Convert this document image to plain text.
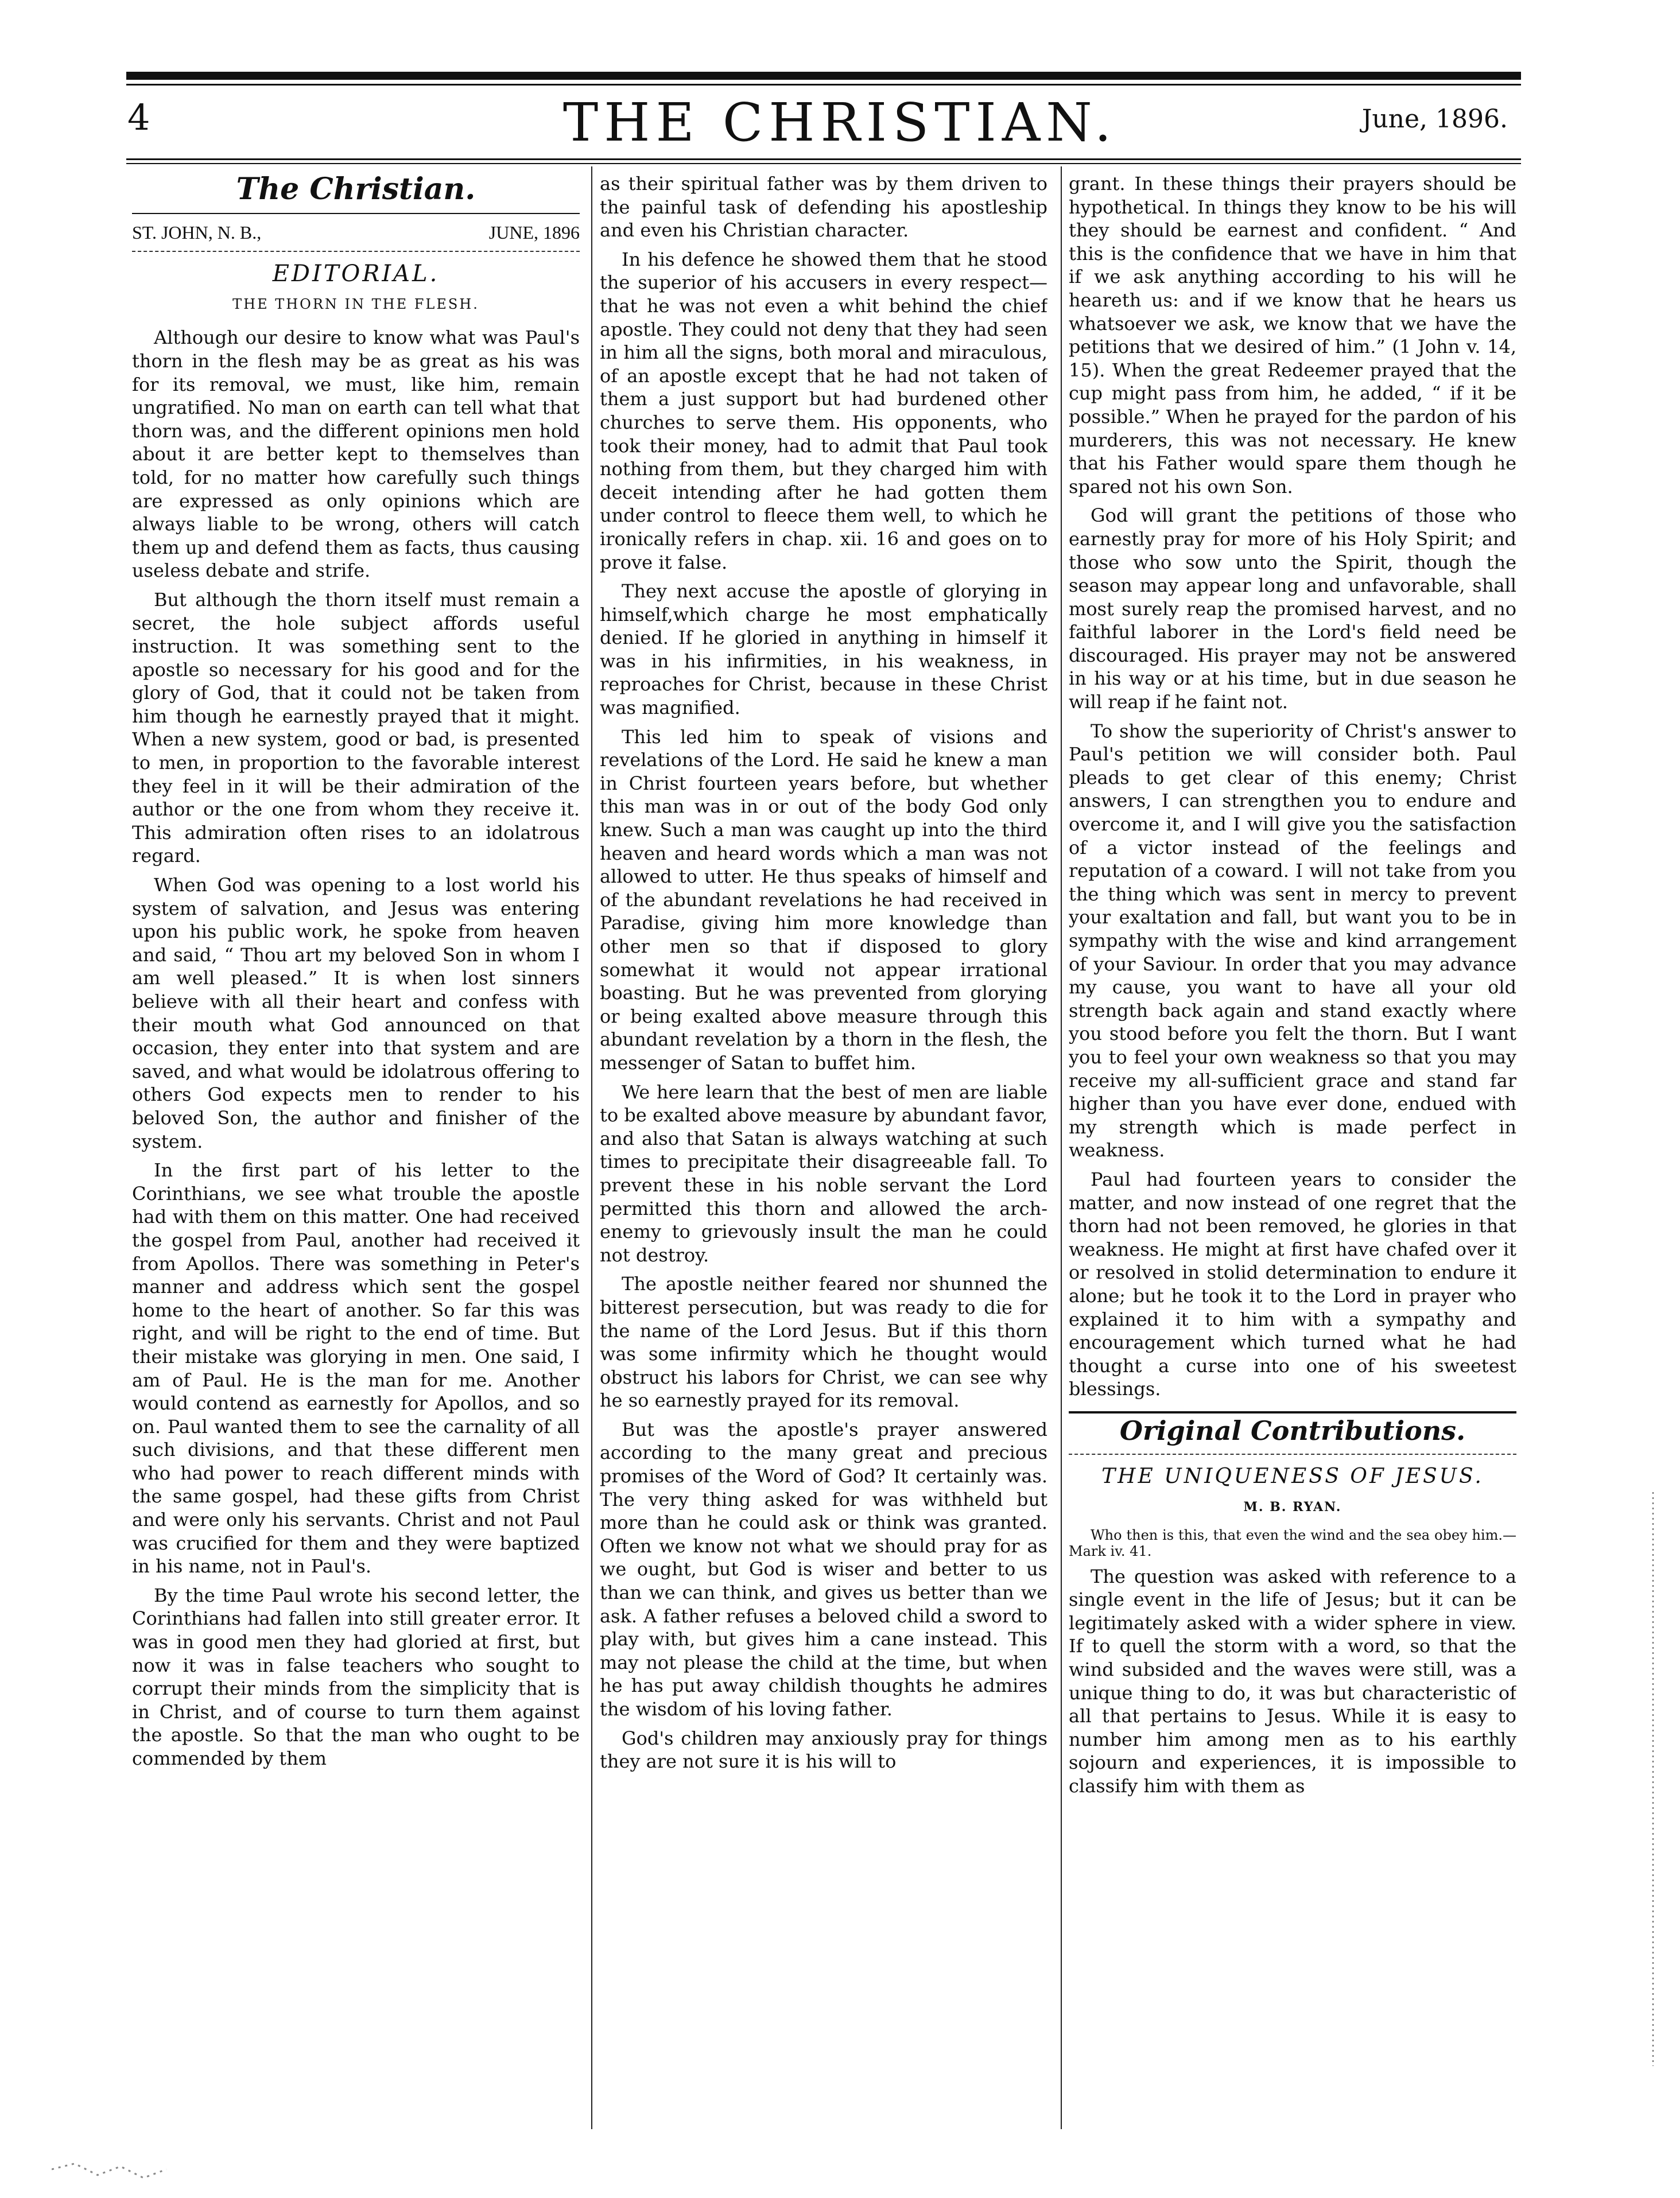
4	THE CHRISTIAN.	June, 1896.
The Christian.
ST. JOHN, N. B.,	JUNE, 1896
EDITORIAL.
THE THORN IN THE FLESH.

Although our desire to know what was Paul's thorn in the flesh may be as great as his was for its removal, we must, like him, remain ungratified. No man on earth can tell what that thorn was, and the different opinions men hold about it are better kept to themselves than told, for no matter how carefully such things are expressed as only opinions which are always liable to be wrong, others will catch them up and defend them as facts, thus causing useless debate and strife.

But although the thorn itself must remain a secret, the hole subject affords useful instruction. It was something sent to the apostle so necessary for his good and for the glory of God, that it could not be taken from him though he earnestly prayed that it might. When a new system, good or bad, is presented to men, in proportion to the favorable interest they feel in it will be their admiration of the author or the one from whom they receive it. This admiration often rises to an idolatrous regard.

When God was opening to a lost world his system of salvation, and Jesus was entering upon his public work, he spoke from heaven and said, “ Thou art my beloved Son in whom I am well pleased.” It is when lost sinners believe with all their heart and confess with their mouth what God announced on that occasion, they enter into that system and are saved, and what would be idolatrous offering to others God expects men to render to his beloved Son, the author and finisher of the system.

In the first part of his letter to the Corinthians, we see what trouble the apostle had with them on this matter. One had received the gospel from Paul, another had received it from Apollos. There was something in Peter's manner and address which sent the gospel home to the heart of another. So far this was right, and will be right to the end of time. But their mistake was glorying in men. One said, I am of Paul. He is the man for me. Another would contend as earnestly for Apollos, and so on. Paul wanted them to see the carnality of all such divisions, and that these different men who had power to reach different minds with the same gospel, had these gifts from Christ and were only his servants. Christ and not Paul was crucified for them and they were baptized in his name, not in Paul's.

By the time Paul wrote his second letter, the Corinthians had fallen into still greater error. It was in good men they had gloried at first, but now it was in false teachers who sought to corrupt their minds from the simplicity that is in Christ, and of course to turn them against the apostle. So that the man who ought to be commended by them

as their spiritual father was by them driven to the painful task of defending his apostleship and even his Christian character.

In his defence he showed them that he stood the superior of his accusers in every respect—that he was not even a whit behind the chief apostle. They could not deny that they had seen in him all the signs, both moral and miraculous, of an apostle except that he had not taken of them a just support but had burdened other churches to serve them. His opponents, who took their money, had to admit that Paul took nothing from them, but they charged him with deceit intending after he had gotten them under control to fleece them well, to which he ironically refers in chap. xii. 16 and goes on to prove it false.

They next accuse the apostle of glorying in himself,which charge he most emphatically denied. If he gloried in anything in himself it was in his infirmities, in his weakness, in reproaches for Christ, because in these Christ was magnified.

This led him to speak of visions and revelations of the Lord. He said he knew a man in Christ fourteen years before, but whether this man was in or out of the body God only knew. Such a man was caught up into the third heaven and heard words which a man was not allowed to utter. He thus speaks of himself and of the abundant revelations he had received in Paradise, giving him more knowledge than other men so that if disposed to glory somewhat it would not appear irrational boasting. But he was prevented from glorying or being exalted above measure through this abundant revelation by a thorn in the flesh, the messenger of Satan to buffet him.

We here learn that the best of men are liable to be exalted above measure by abundant favor, and also that Satan is always watching at such times to precipitate their disagreeable fall. To prevent these in his noble servant the Lord permitted this thorn and allowed the arch-enemy to grievously insult the man he could not destroy.

The apostle neither feared nor shunned the bitterest persecution, but was ready to die for the name of the Lord Jesus. But if this thorn was some infirmity which he thought would obstruct his labors for Christ, we can see why he so earnestly prayed for its removal.

But was the apostle's prayer answered according to the many great and precious promises of the Word of God? It certainly was. The very thing asked for was withheld but more than he could ask or think was granted. Often we know not what we should pray for as we ought, but God is wiser and better to us than we can think, and gives us better than we ask. A father refuses a beloved child a sword to play with, but gives him a cane instead. This may not please the child at the time, but when he has put away childish thoughts he admires the wisdom of his loving father.

God's children may anxiously pray for things they are not sure it is his will to

grant. In these things their prayers should be hypothetical. In things they know to be his will they should be earnest and confident. “ And this is the confidence that we have in him that if we ask anything according to his will he heareth us: and if we know that he hears us whatsoever we ask, we know that we have the petitions that we desired of him.” (1 John v. 14, 15). When the great Redeemer prayed that the cup might pass from him, he added, “ if it be possible.” When he prayed for the pardon of his murderers, this was not necessary. He knew that his Father would spare them though he spared not his own Son.

God will grant the petitions of those who earnestly pray for more of his Holy Spirit; and those who sow unto the Spirit, though the season may appear long and unfavorable, shall most surely reap the promised harvest, and no faithful laborer in the Lord's field need be discouraged. His prayer may not be answered in his way or at his time, but in due season he will reap if he faint not.

To show the superiority of Christ's answer to Paul's petition we will consider both. Paul pleads to get clear of this enemy; Christ answers, I can strengthen you to endure and overcome it, and I will give you the satisfaction of a victor instead of the feelings and reputation of a coward. I will not take from you the thing which was sent in mercy to prevent your exaltation and fall, but want you to be in sympathy with the wise and kind arrangement of your Saviour. In order that you may advance my cause, you want to have all your old strength back again and stand exactly where you stood before you felt the thorn. But I want you to feel your own weakness so that you may receive my all-sufficient grace and stand far higher than you have ever done, endued with my strength which is made perfect in weakness.

Paul had fourteen years to consider the matter, and now instead of one regret that the thorn had not been removed, he glories in that weakness. He might at first have chafed over it or resolved in stolid determination to endure it alone; but he took it to the Lord in prayer who explained it to him with a sympathy and encouragement which turned what he had thought a curse into one of his sweetest blessings.

Original Contributions.
THE UNIQUENESS OF JESUS.
M. B. RYAN.

Who then is this, that even the wind and the sea obey him.—Mark iv. 41.

The question was asked with reference to a single event in the life of Jesus; but it can be legitimately asked with a wider sphere in view. If to quell the storm with a word, so that the wind subsided and the waves were still, was a unique thing to do, it was but characteristic of all that pertains to Jesus. While it is easy to number him among men as to his earthly sojourn and experiences, it is impossible to classify him with them as
